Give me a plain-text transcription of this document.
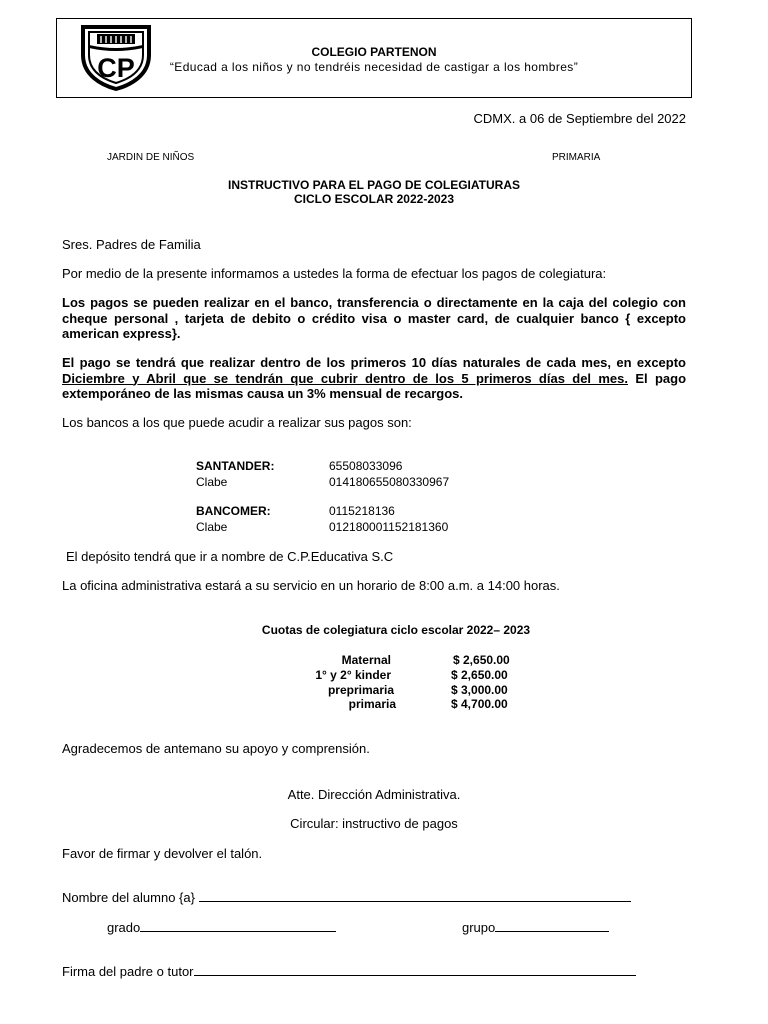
CP
COLEGIO PARTENON
“Educad a los niños y no tendréis necesidad de castigar a los hombres”
CDMX. a 06 de Septiembre del 2022
JARDIN DE NIÑOS	PRIMARIA
INSTRUCTIVO PARA EL PAGO DE COLEGIATURAS
CICLO ESCOLAR 2022-2023
Sres. Padres de Familia
Por medio de la presente informamos a ustedes la forma de efectuar los pagos de colegiatura:
Los pagos se pueden realizar en el banco, transferencia o directamente en la caja del colegio con cheque personal , tarjeta de debito o crédito visa o master card, de cualquier banco { excepto american express}.
El pago se tendrá que realizar dentro de los primeros 10 días naturales de cada mes, en excepto Diciembre y Abril que se tendrán que cubrir dentro de los 5 primeros días del mes. El pago extemporáneo de las mismas causa un 3% mensual de recargos.
Los bancos a los que puede acudir a realizar sus pagos son:
SANTANDER:	65508033096
Clabe	014180655080330967
BANCOMER:	0115218136
Clabe	012180001152181360
El depósito tendrá que ir a nombre de C.P.Educativa S.C
La oficina administrativa estará a su servicio en un horario de 8:00 a.m. a 14:00 horas.
Cuotas de colegiatura ciclo escolar 2022– 2023
Maternal	$ 2,650.00
1° y 2° kinder	$ 2,650.00
preprimaria	$ 3,000.00
primaria	$ 4,700.00
Agradecemos de antemano su apoyo y comprensión.
Atte. Dirección Administrativa.
Circular: instructivo de pagos
Favor de firmar y devolver el talón.
Nombre del alumno {a}
grado	grupo
Firma del padre o tutor
